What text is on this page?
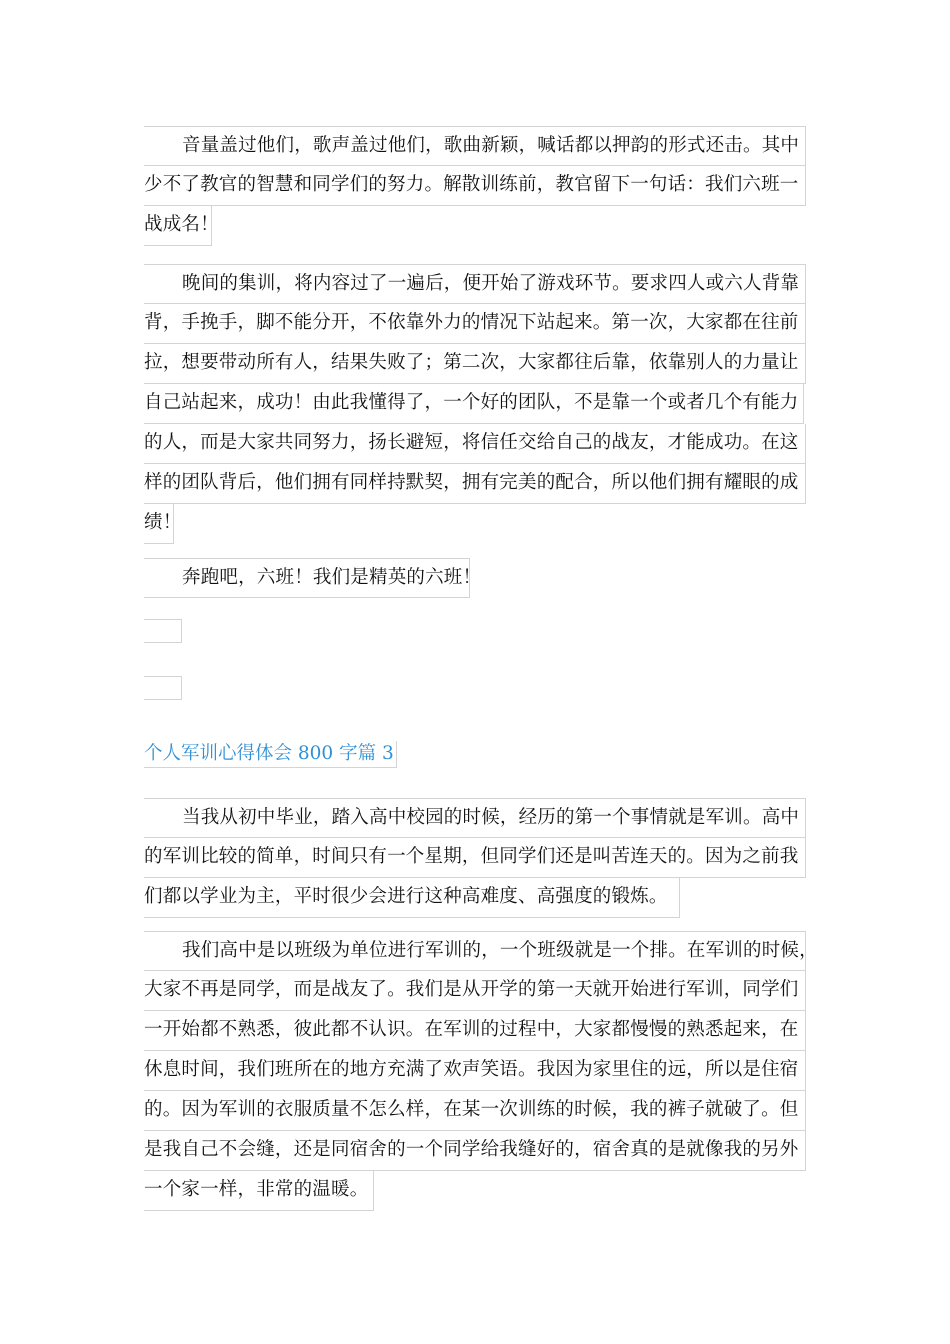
音量盖过他们，歌声盖过他们，歌曲新颖，喊话都以押韵的形式还击。其中
少不了教官的智慧和同学们的努力。解散训练前，教官留下一句话：我们六班一
战成名！
晚间的集训，将内容过了一遍后，便开始了游戏环节。要求四人或六人背靠
背，手挽手，脚不能分开，不依靠外力的情况下站起来。第一次，大家都在往前
拉，想要带动所有人，结果失败了；第二次，大家都往后靠，依靠别人的力量让
自己站起来，成功！由此我懂得了，一个好的团队，不是靠一个或者几个有能力
的人，而是大家共同努力，扬长避短，将信任交给自己的战友，才能成功。在这
样的团队背后，他们拥有同样持默契，拥有完美的配合，所以他们拥有耀眼的成
绩！
奔跑吧，六班！我们是精英的六班！
个人军训心得体会 800 字篇 3
当我从初中毕业，踏入高中校园的时候，经历的第一个事情就是军训。高中
的军训比较的简单，时间只有一个星期，但同学们还是叫苦连天的。因为之前我
们都以学业为主，平时很少会进行这种高难度、高强度的锻炼。
我们高中是以班级为单位进行军训的，一个班级就是一个排。在军训的时候，
大家不再是同学，而是战友了。我们是从开学的第一天就开始进行军训，同学们
一开始都不熟悉，彼此都不认识。在军训的过程中，大家都慢慢的熟悉起来，在
休息时间，我们班所在的地方充满了欢声笑语。我因为家里住的远，所以是住宿
的。因为军训的衣服质量不怎么样，在某一次训练的时候，我的裤子就破了。但
是我自己不会缝，还是同宿舍的一个同学给我缝好的，宿舍真的是就像我的另外
一个家一样，非常的温暖。
